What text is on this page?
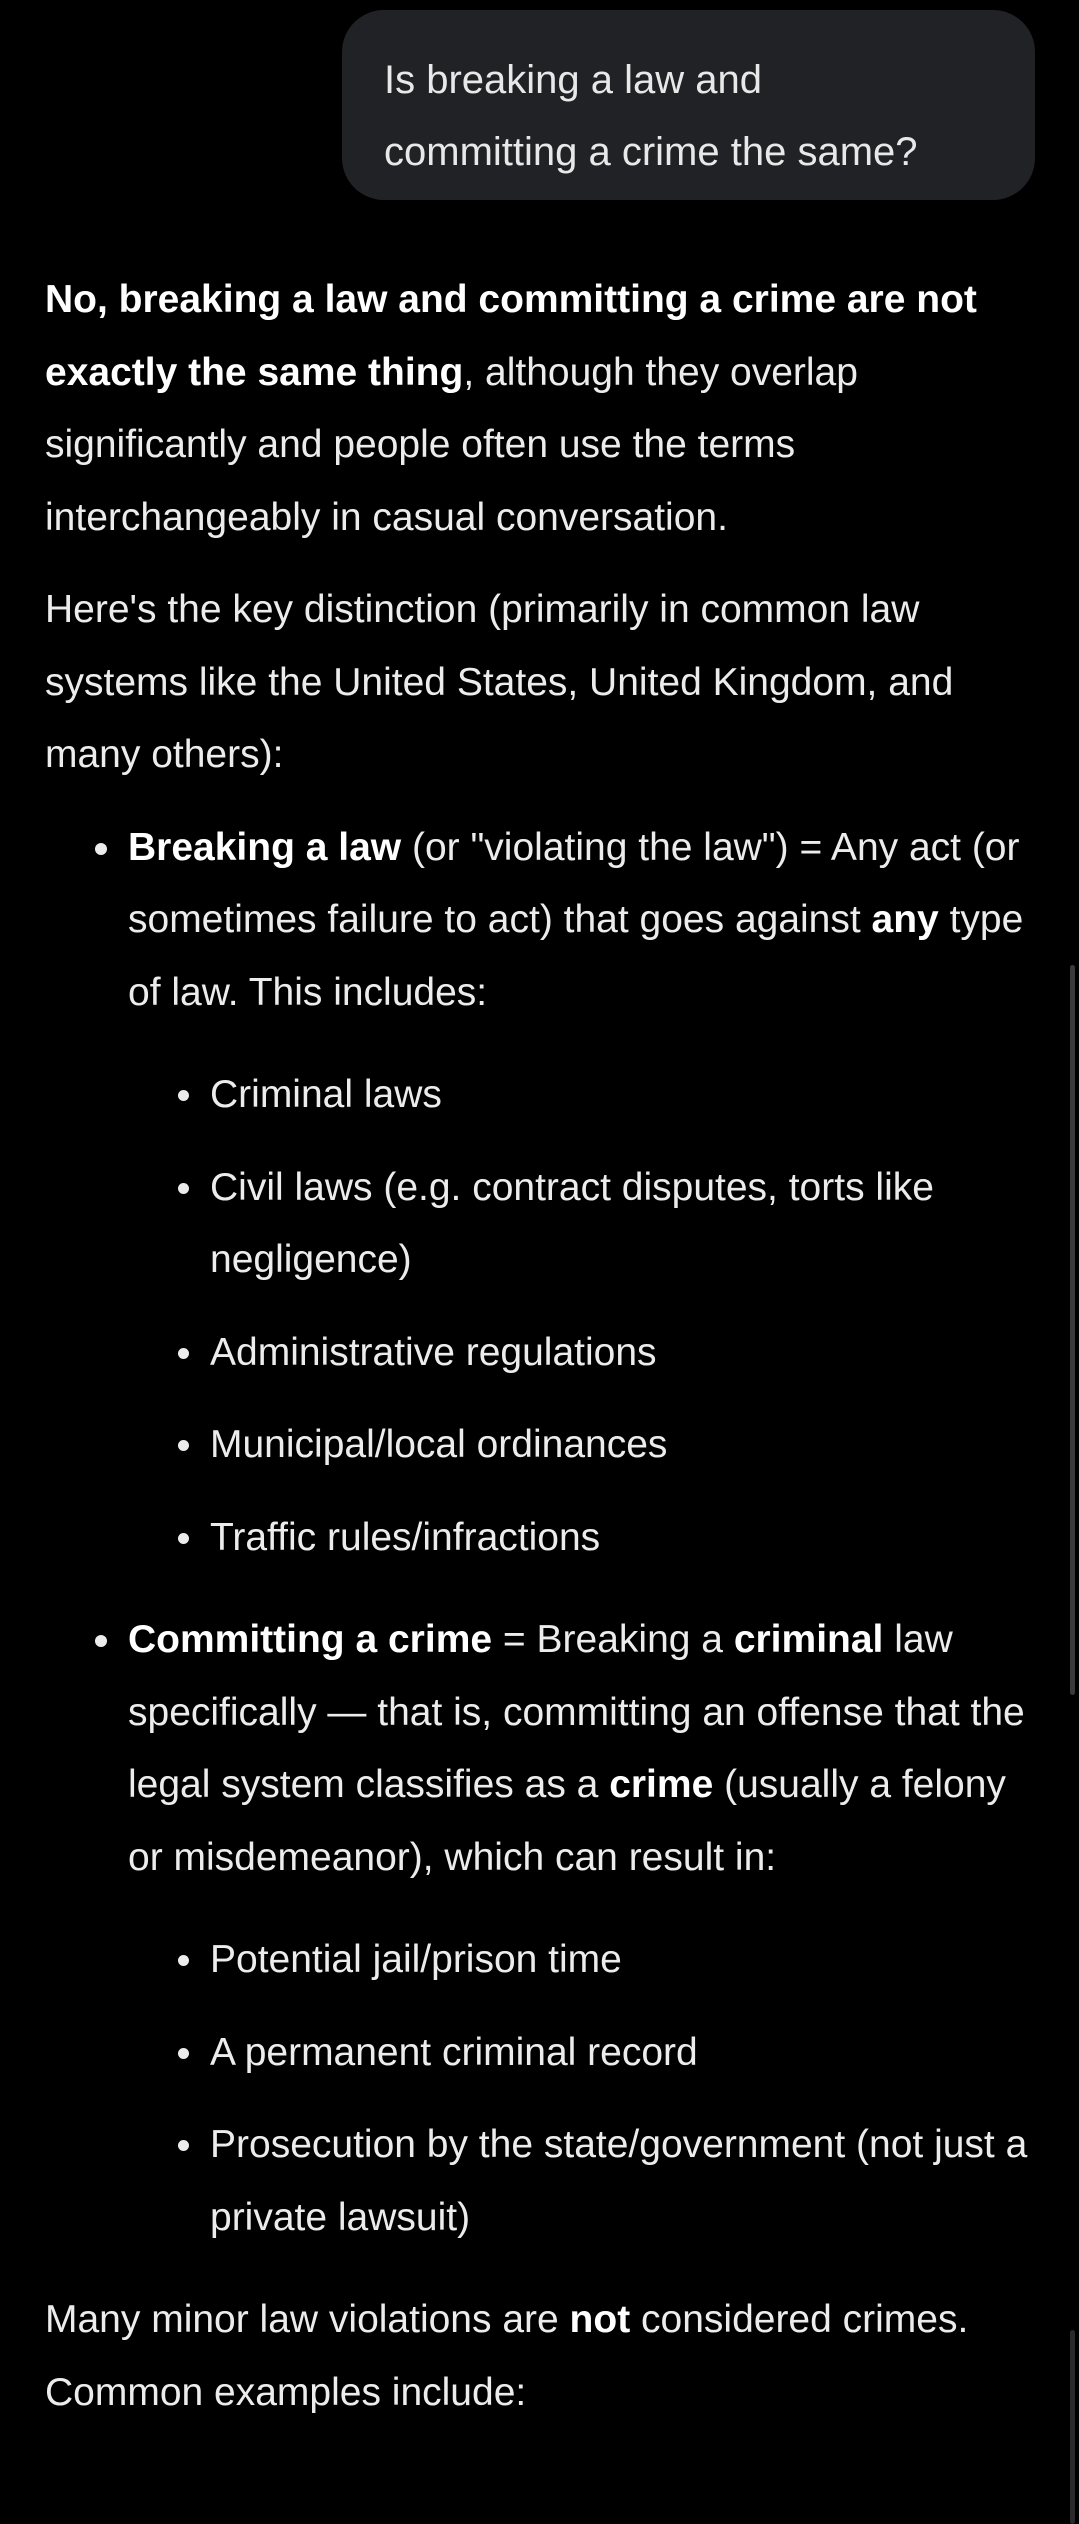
Is breaking a law and
committing a crime the same?

No, breaking a law and committing a crime are not exactly the same thing, although they overlap significantly and people often use the terms interchangeably in casual conversation.

Here's the key distinction (primarily in common law systems like the United States, United Kingdom, and many others):

Breaking a law (or "violating the law") = Any act (or sometimes failure to act) that goes against any type of law. This includes:
Criminal laws
Civil laws (e.g. contract disputes, torts like negligence)
Administrative regulations
Municipal/local ordinances
Traffic rules/infractions
Committing a crime = Breaking a criminal law specifically — that is, committing an offense that the legal system classifies as a crime (usually a felony or misdemeanor), which can result in:
Potential jail/prison time
A permanent criminal record
Prosecution by the state/government (not just a private lawsuit)

Many minor law violations are not considered crimes. Common examples include:
